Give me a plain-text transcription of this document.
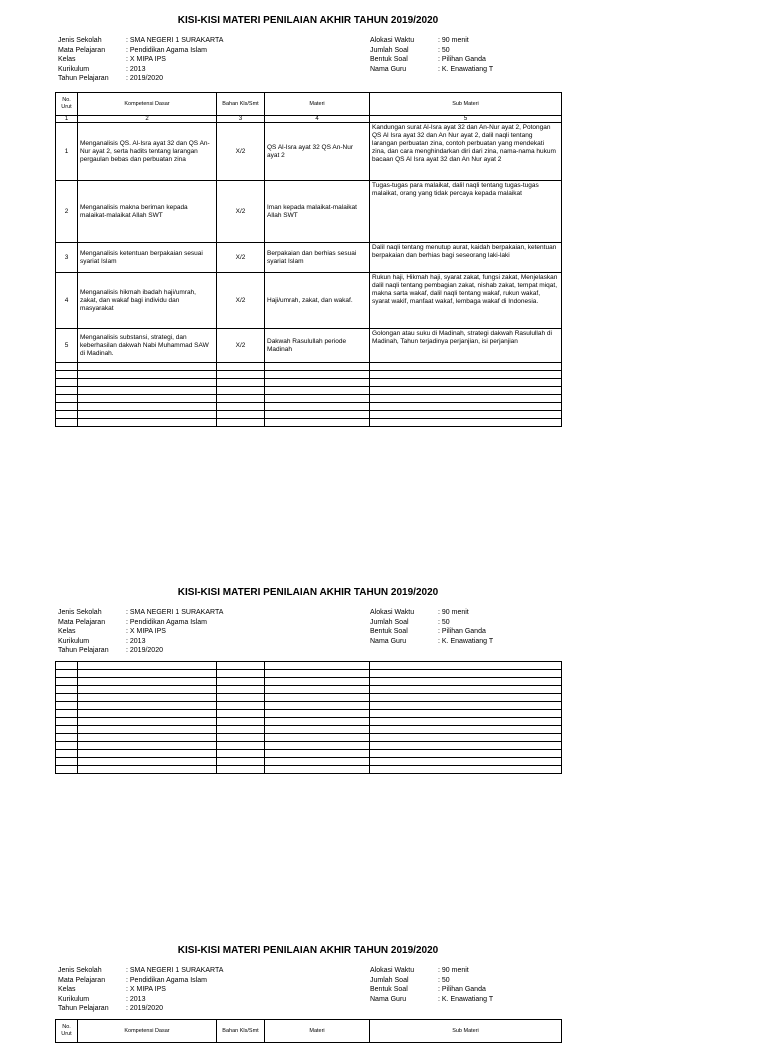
KISI-KISI MATERI PENILAIAN AKHIR TAHUN 2019/2020
Jenis Sekolah	: SMA NEGERI 1 SURAKARTA
Mata Pelajaran	: Pendidikan Agama Islam
Kelas	: X MIPA IPS
Kurikulum	: 2013
Tahun Pelajaran : 2019/2020
Alokasi Waktu	: 90 menit
Jumlah Soal	: 50
Bentuk Soal	: Pilihan Ganda
Nama Guru	: K. Enawatiang T
No. Urut	Kompetensi Dasar	Bahan Kls/Smt	Materi	Sub Materi
1	2	3	4	5
1	Menganalisis QS. Al-Isra ayat 32 dan QS An-Nur ayat 2, serta hadits tentang larangan pergaulan bebas dan perbuatan zina	X/2	QS Al-Isra ayat 32 QS An-Nur ayat 2	Kandungan surat Al-Isra ayat 32 dan An-Nur ayat 2, Potongan QS Al Isra ayat 32 dan An Nur ayat 2, dalil naqli tentang larangan perbuatan zina, contoh perbuatan yang mendekati zina, dan cara menghindarkan diri dari zina, nama-nama hukum bacaan QS Al Isra ayat 32 dan An Nur ayat 2
2	Menganalisis makna beriman kepada malaikat-malaikat Allah SWT	X/2	Iman kepada malaikat-malaikat Allah SWT	Tugas-tugas para malaikat, dalil naqli tentang tugas-tugas malaikat, orang yang tidak percaya kepada malaikat
3	Menganalisis ketentuan berpakaian sesuai syariat Islam	X/2	Berpakaian dan berhias sesuai syariat Islam	Dalil naqli tentang menutup aurat, kaidah berpakaian, ketentuan berpakaian dan berhias bagi seseorang laki-laki
4	Menganalisis hikmah ibadah haji/umrah, zakat, dan wakaf bagi individu dan masyarakat	X/2	Haji/umrah, zakat, dan wakaf.	Rukun haji, Hikmah haji, syarat zakat, fungsi zakat, Menjelaskan dalil naqli tentang pembagian zakat, nishab zakat, tempat miqat, makna sarta wakaf, dalil naqli tentang wakaf, rukun wakaf, syarat wakif, manfaat wakaf, lembaga wakaf di Indonesia.
5	Menganalisis substansi, strategi, dan keberhasilan dakwah Nabi Muhammad SAW di Madinah.	X/2	Dakwah Rasulullah periode Madinah	Golongan atau suku di Madinah, strategi dakwah Rasulullah di Madinah, Tahun terjadinya perjanjian, isi perjanjian

KISI-KISI MATERI PENILAIAN AKHIR TAHUN 2019/2020
Jenis Sekolah	: SMA NEGERI 1 SURAKARTA
Mata Pelajaran	: Pendidikan Agama Islam
Kelas	: X MIPA IPS
Kurikulum	: 2013
Tahun Pelajaran : 2019/2020
Alokasi Waktu	: 90 menit
Jumlah Soal	: 50
Bentuk Soal	: Pilihan Ganda
Nama Guru	: K. Enawatiang T

KISI-KISI MATERI PENILAIAN AKHIR TAHUN 2019/2020
Jenis Sekolah	: SMA NEGERI 1 SURAKARTA
Mata Pelajaran	: Pendidikan Agama Islam
Kelas	: X MIPA IPS
Kurikulum	: 2013
Tahun Pelajaran : 2019/2020
Alokasi Waktu	: 90 menit
Jumlah Soal	: 50
Bentuk Soal	: Pilihan Ganda
Nama Guru	: K. Enawatiang T
No. Urut	Kompetensi Dasar	Bahan Kls/Smt	Materi	Sub Materi
